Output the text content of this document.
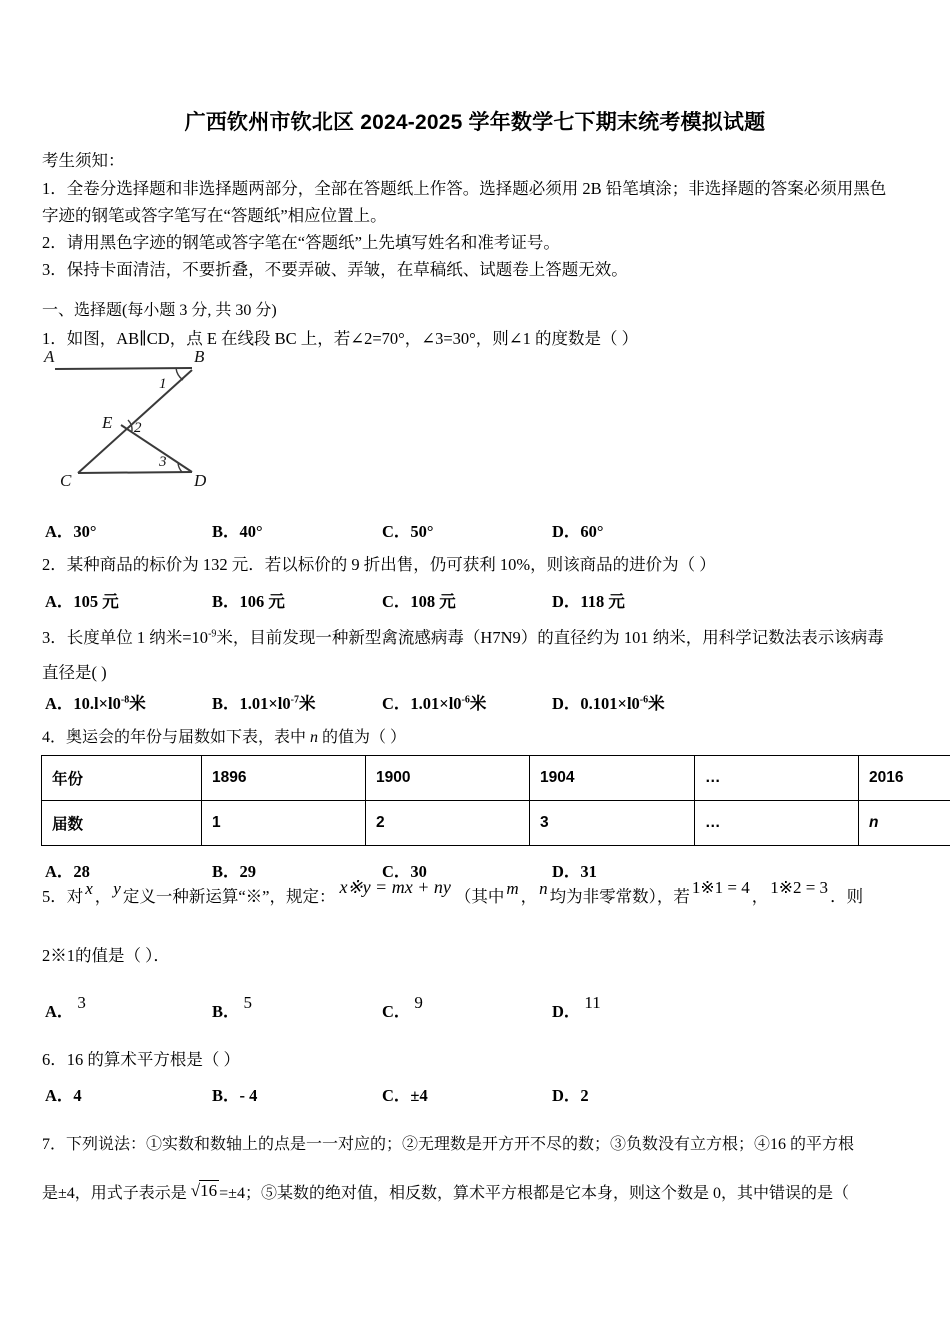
广西钦州市钦北区 2024-2025 学年数学七下期末统考模拟试题
考生须知：
1．全卷分选择题和非选择题两部分，全部在答题纸上作答。选择题必须用 2B 铅笔填涂；非选择题的答案必须用黑色
字迹的钢笔或答字笔写在“答题纸”相应位置上。
2．请用黑色字迹的钢笔或答字笔在“答题纸”上先填写姓名和准考证号。
3．保持卡面清洁，不要折叠，不要弄破、弄皱，在草稿纸、试题卷上答题无效。
一、选择题(每小题 3 分, 共 30 分)
1．如图，AB∥CD，点 E 在线段 BC 上，若∠2=70°，∠3=30°，则∠1 的度数是（ ）
A	B
C	D
E
1
2
3
A．30°	B．40°	C．50°	D．60°
2．某种商品的标价为 132 元．若以标价的 9 折出售，仍可获利 10%，则该商品的进价为（ ）
A．105 元	B．106 元	C．108 元	D．118 元
3．长度单位 1 纳米$=10^{-9}$米，目前发现一种新型禽流感病毒（H7N9）的直径约为 101 纳米，用科学记数法表示该病毒
直径是( )
A．$10.l\times l0^{-8}$米	B．$1.01\times l0^{-7}$米	C．$1.01\times l0^{-6}$米	D．$0.101\times l0^{-6}$米
4．奥运会的年份与届数如下表，表中 n 的值为（ ）
年份	1896	1900	1904	…	2016
届数	1	2	3	…	n
A．28	B．29	C．30	D．31
5．对 x ， y 定义一种新运算“※”，规定： x※y = mx + ny （其中 m ， n 均为非零常数），若 1※1 = 4 ， 1※2 = 3 ．则
2※1的值是（ ）．
A． 3	B． 5	C． 9	D． 11
6．16 的算术平方根是（ ）
A．4	B．‐ 4	C．±4	D．2
7．下列说法：①实数和数轴上的点是一一对应的；②无理数是开方开不尽的数；③负数没有立方根；④16 的平方根
是±4，用式子表示是 √16 =±4；⑤某数的绝对值，相反数，算术平方根都是它本身，则这个数是 0，其中错误的是（
